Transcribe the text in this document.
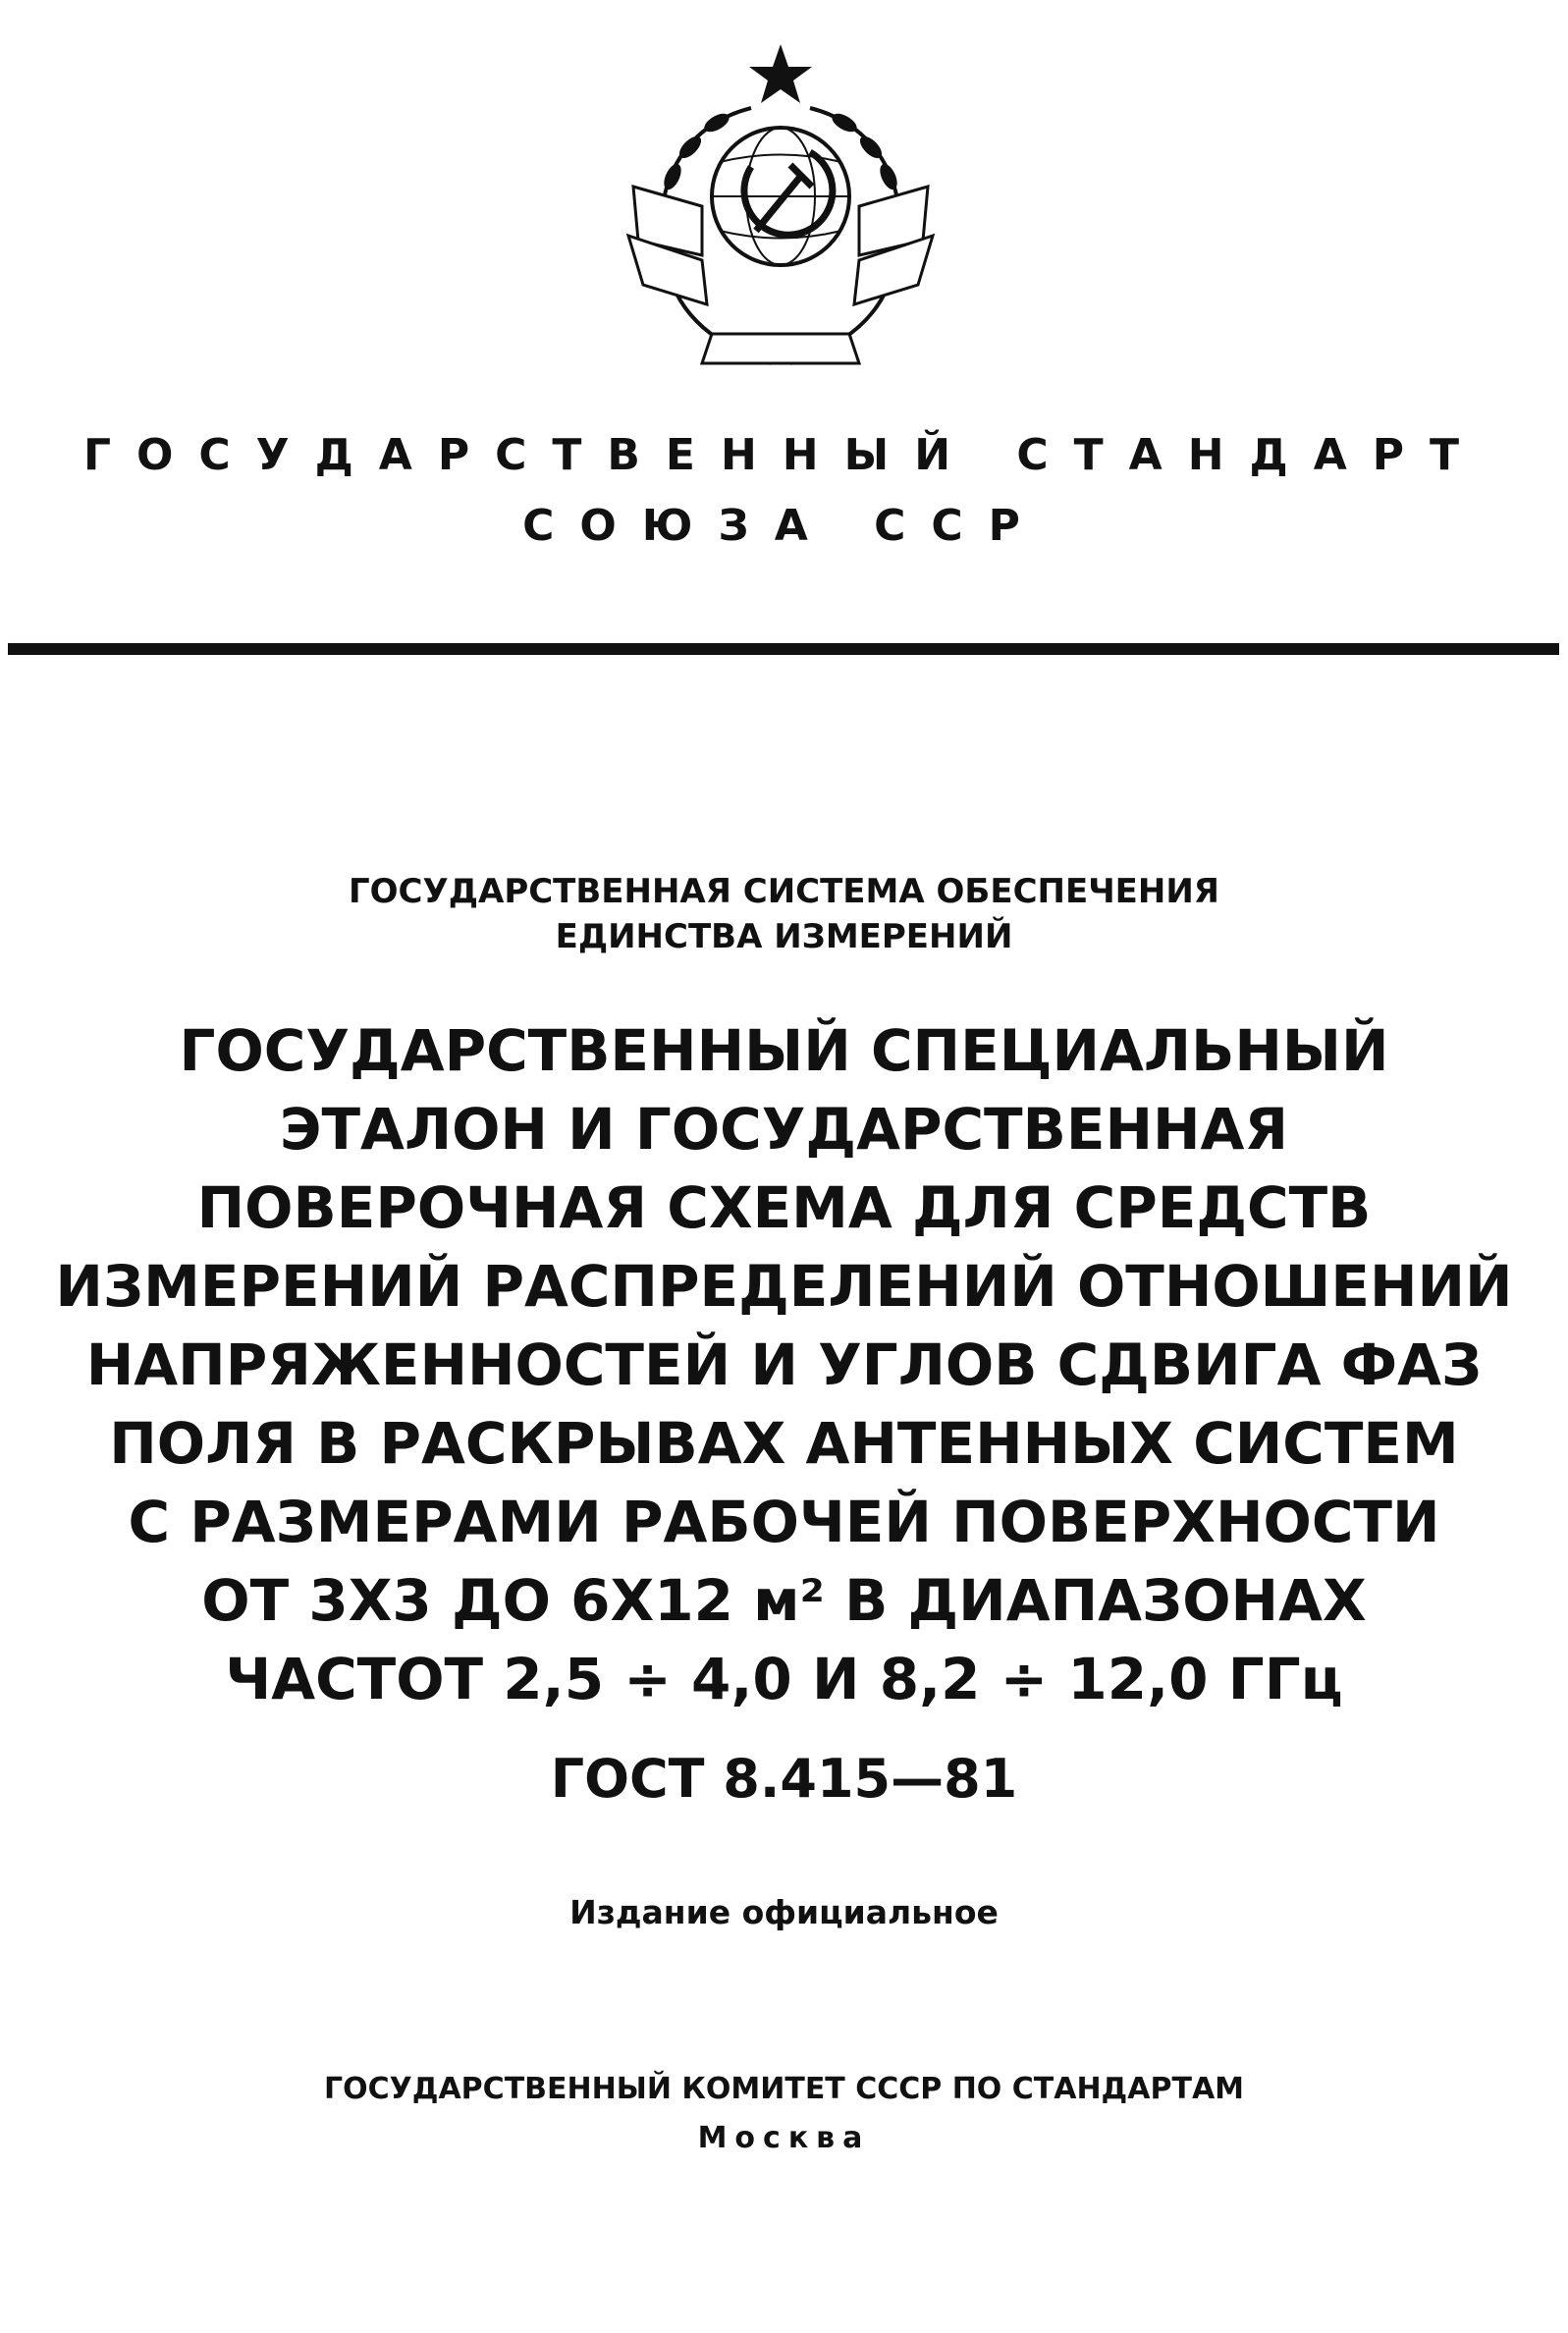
ГОСУДАРСТВЕННЫЙ СТАНДАРТ
СОЮЗА ССР
ГОСУДАРСТВЕННАЯ СИСТЕМА ОБЕСПЕЧЕНИЯ
ЕДИНСТВА ИЗМЕРЕНИЙ
ГОСУДАРСТВЕННЫЙ СПЕЦИАЛЬНЫЙ
ЭТАЛОН И ГОСУДАРСТВЕННАЯ
ПОВЕРОЧНАЯ СХЕМА ДЛЯ СРЕДСТВ
ИЗМЕРЕНИЙ РАСПРЕДЕЛЕНИЙ ОТНОШЕНИЙ
НАПРЯЖЕННОСТЕЙ И УГЛОВ СДВИГА ФАЗ
ПОЛЯ В РАСКРЫВАХ АНТЕННЫХ СИСТЕМ
С РАЗМЕРАМИ РАБОЧЕЙ ПОВЕРХНОСТИ
ОТ 3Х3 ДО 6Х12 м² В ДИАПАЗОНАХ
ЧАСТОТ 2,5 ÷ 4,0 И 8,2 ÷ 12,0 ГГц
ГОСТ 8.415—81
Издание официальное
ГОСУДАРСТВЕННЫЙ КОМИТЕТ СССР ПО СТАНДАРТАМ
Москва
